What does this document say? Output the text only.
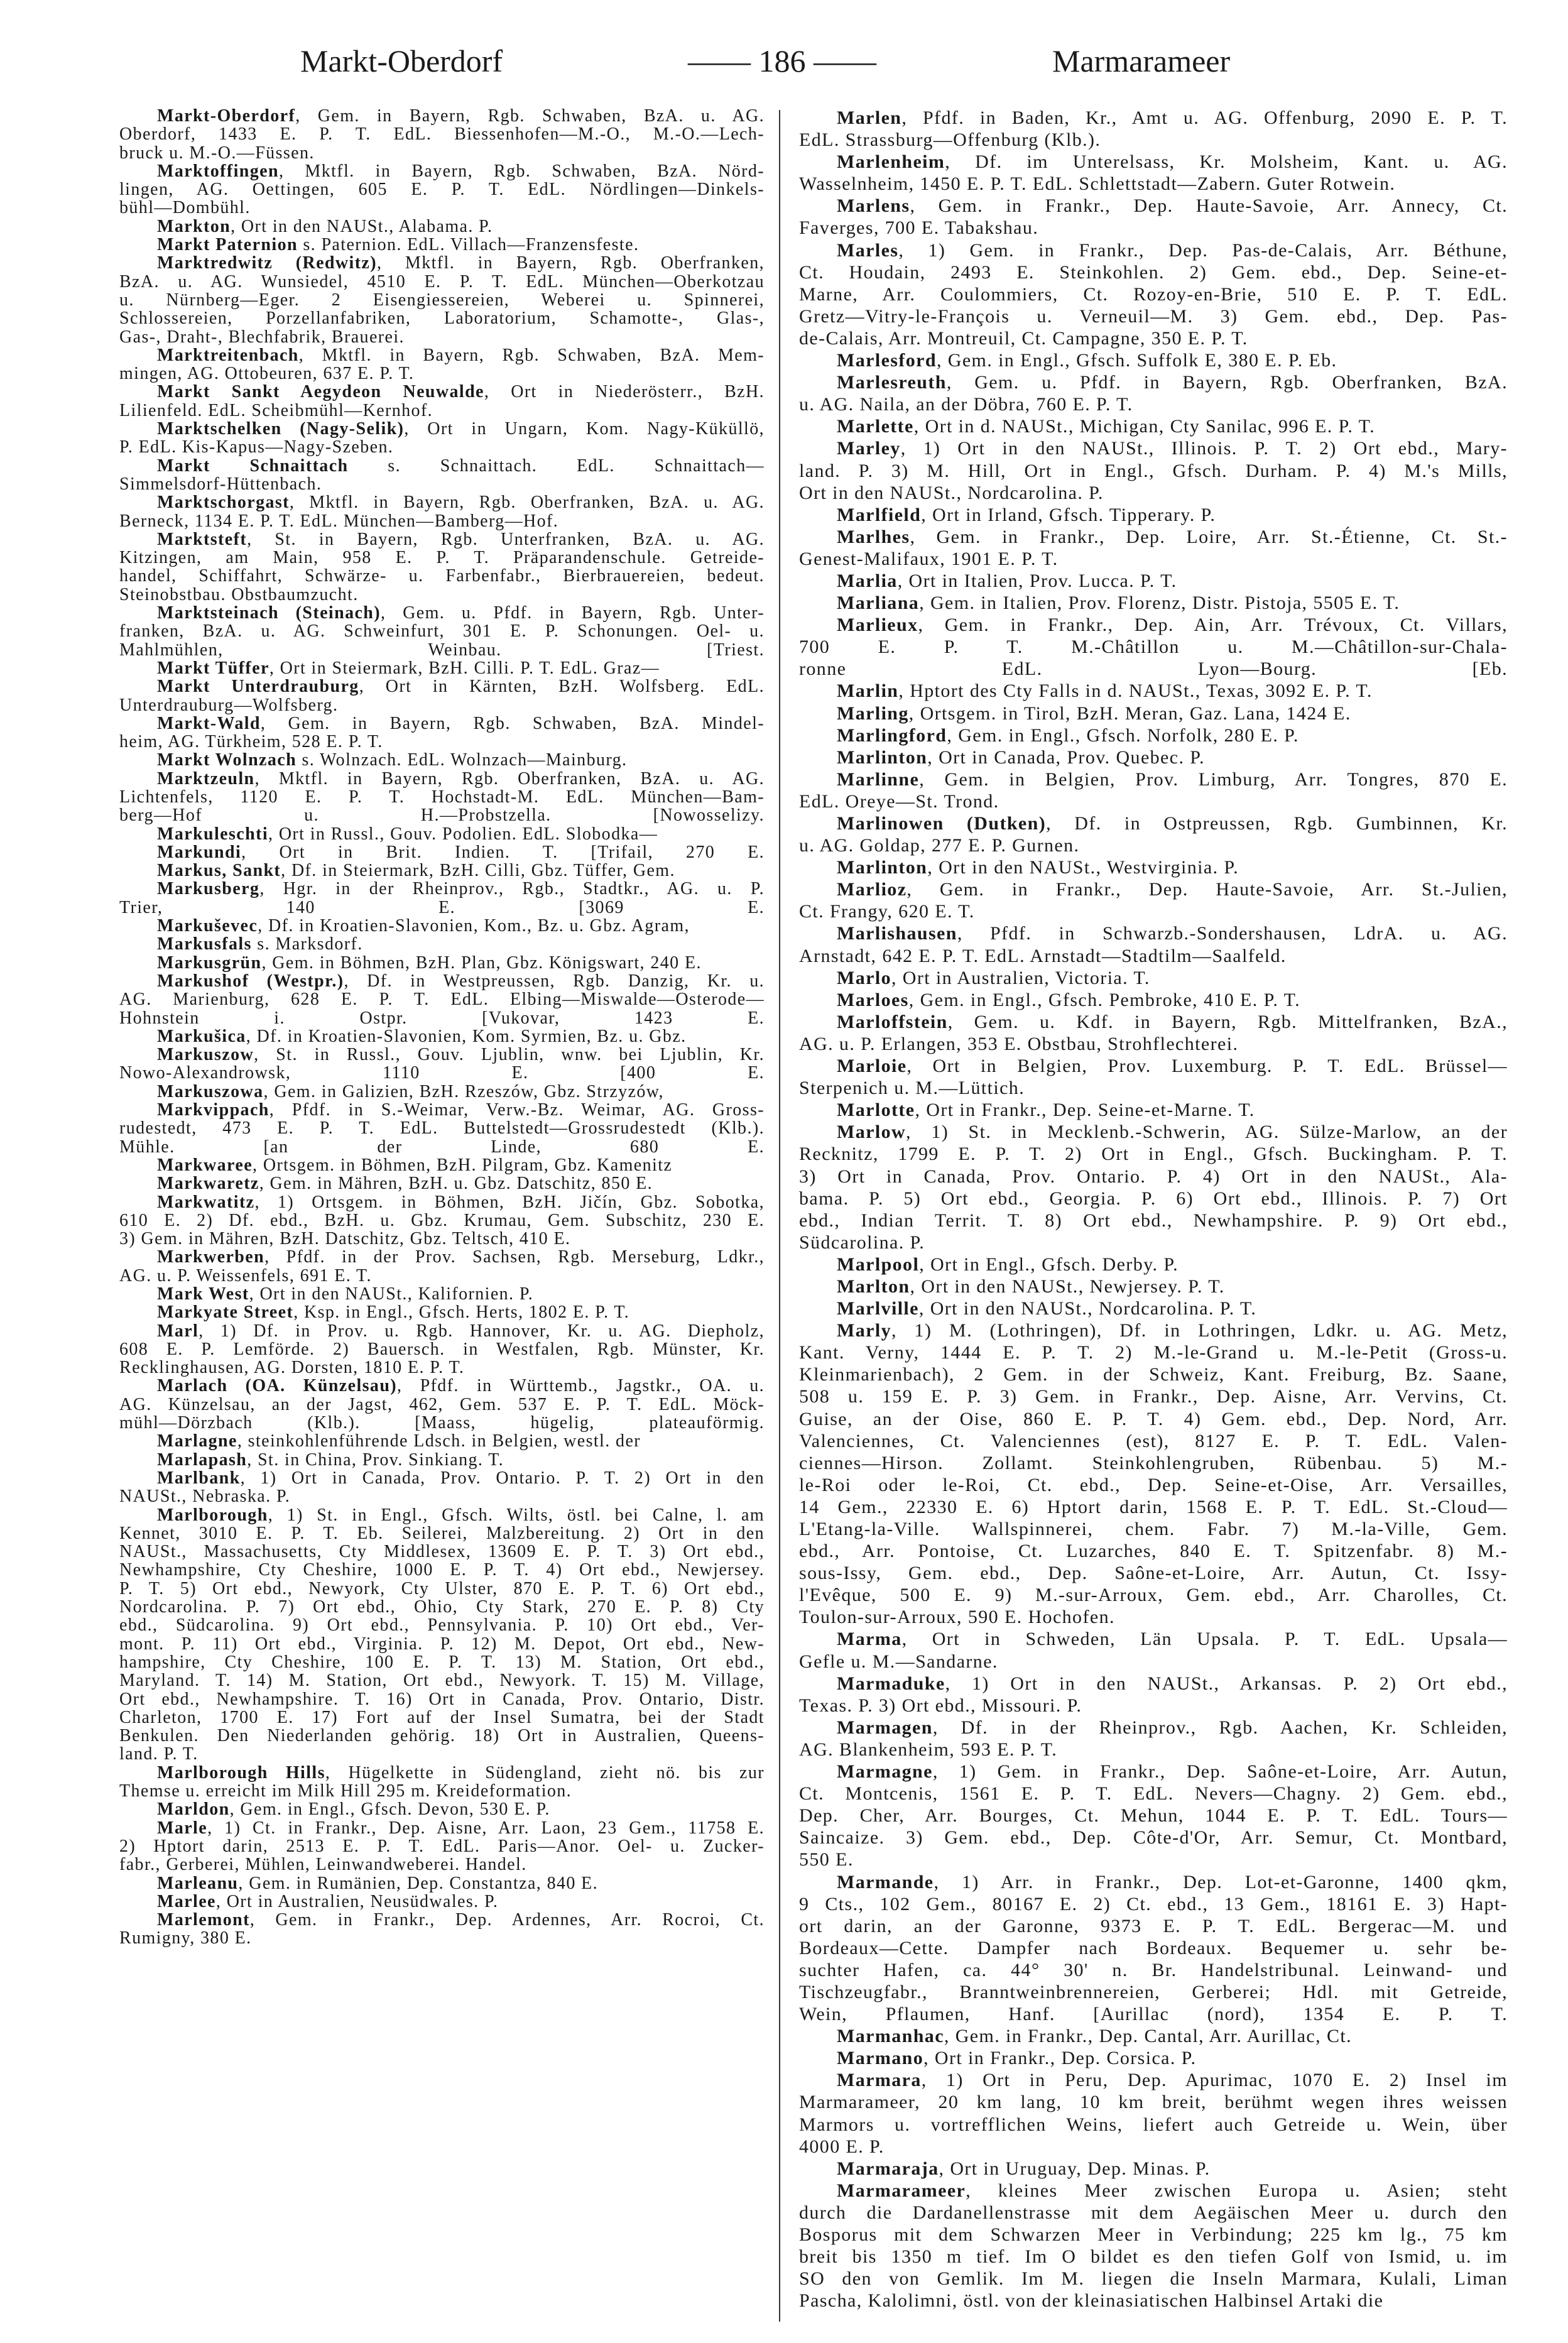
Markt-Oberdorf	—— 186 ——	Marmarameer
Markt-Oberdorf, Gem. in Bayern, Rgb. Schwaben, BzA. u. AG.
Oberdorf, 1433 E. P. T. EdL. Biessenhofen—M.-O., M.-O.—Lech-
bruck u. M.-O.—Füssen.
Marktoffingen, Mktfl. in Bayern, Rgb. Schwaben, BzA. Nörd-
lingen, AG. Oettingen, 605 E. P. T. EdL. Nördlingen—Dinkels-
bühl—Dombühl.
Markton, Ort in den NAUSt., Alabama. P.
Markt Paternion s. Paternion. EdL. Villach—Franzensfeste.
Marktredwitz (Redwitz), Mktfl. in Bayern, Rgb. Oberfranken,
BzA. u. AG. Wunsiedel, 4510 E. P. T. EdL. München—Oberkotzau
u. Nürnberg—Eger. 2 Eisengiessereien, Weberei u. Spinnerei,
Schlossereien, Porzellanfabriken, Laboratorium, Schamotte-, Glas-,
Gas-, Draht-, Blechfabrik, Brauerei.
Marktreitenbach, Mktfl. in Bayern, Rgb. Schwaben, BzA. Mem-
mingen, AG. Ottobeuren, 637 E. P. T.
Markt Sankt Aegydeon Neuwalde, Ort in Niederösterr., BzH.
Lilienfeld. EdL. Scheibmühl—Kernhof.
Marktschelken (Nagy-Selik), Ort in Ungarn, Kom. Nagy-Küküllö,
P. EdL. Kis-Kapus—Nagy-Szeben.
Markt Schnaittach s. Schnaittach. EdL. Schnaittach—
Simmelsdorf-Hüttenbach.
Marktschorgast, Mktfl. in Bayern, Rgb. Oberfranken, BzA. u. AG.
Berneck, 1134 E. P. T. EdL. München—Bamberg—Hof.
Marktsteft, St. in Bayern, Rgb. Unterfranken, BzA. u. AG.
Kitzingen, am Main, 958 E. P. T. Präparandenschule. Getreide-
handel, Schiffahrt, Schwärze- u. Farbenfabr., Bierbrauereien, bedeut.
Steinobstbau. Obstbaumzucht.
Marktsteinach (Steinach), Gem. u. Pfdf. in Bayern, Rgb. Unter-
franken, BzA. u. AG. Schweinfurt, 301 E. P. Schonungen. Oel- u.
Mahlmühlen, Weinbau. [Triest.
Markt Tüffer, Ort in Steiermark, BzH. Cilli. P. T. EdL. Graz—
Markt Unterdrauburg, Ort in Kärnten, BzH. Wolfsberg. EdL.
Unterdrauburg—Wolfsberg.
Markt-Wald, Gem. in Bayern, Rgb. Schwaben, BzA. Mindel-
heim, AG. Türkheim, 528 E. P. T.
Markt Wolnzach s. Wolnzach. EdL. Wolnzach—Mainburg.
Marktzeuln, Mktfl. in Bayern, Rgb. Oberfranken, BzA. u. AG.
Lichtenfels, 1120 E. P. T. Hochstadt-M. EdL. München—Bam-
berg—Hof u. H.—Probstzella. [Nowosselizy.
Markuleschti, Ort in Russl., Gouv. Podolien. EdL. Slobodka—
Markundi, Ort in Brit. Indien. T. [Trifail, 270 E.
Markus, Sankt, Df. in Steiermark, BzH. Cilli, Gbz. Tüffer, Gem.
Markusberg, Hgr. in der Rheinprov., Rgb., Stadtkr., AG. u. P.
Trier, 140 E. [3069 E.
Markuševec, Df. in Kroatien-Slavonien, Kom., Bz. u. Gbz. Agram,
Markusfals s. Marksdorf.
Markusgrün, Gem. in Böhmen, BzH. Plan, Gbz. Königswart, 240 E.
Markushof (Westpr.), Df. in Westpreussen, Rgb. Danzig, Kr. u.
AG. Marienburg, 628 E. P. T. EdL. Elbing—Miswalde—Osterode—
Hohnstein i. Ostpr. [Vukovar, 1423 E.
Markušica, Df. in Kroatien-Slavonien, Kom. Syrmien, Bz. u. Gbz.
Markuszow, St. in Russl., Gouv. Ljublin, wnw. bei Ljublin, Kr.
Nowo-Alexandrowsk, 1110 E. [400 E.
Markuszowa, Gem. in Galizien, BzH. Rzeszów, Gbz. Strzyzów,
Markvippach, Pfdf. in S.-Weimar, Verw.-Bz. Weimar, AG. Gross-
rudestedt, 473 E. P. T. EdL. Buttelstedt—Grossrudestedt (Klb.).
Mühle. [an der Linde, 680 E.
Markwaree, Ortsgem. in Böhmen, BzH. Pilgram, Gbz. Kamenitz
Markwaretz, Gem. in Mähren, BzH. u. Gbz. Datschitz, 850 E.
Markwatitz, 1) Ortsgem. in Böhmen, BzH. Jičín, Gbz. Sobotka,
610 E. 2) Df. ebd., BzH. u. Gbz. Krumau, Gem. Subschitz, 230 E.
3) Gem. in Mähren, BzH. Datschitz, Gbz. Teltsch, 410 E.
Markwerben, Pfdf. in der Prov. Sachsen, Rgb. Merseburg, Ldkr.,
AG. u. P. Weissenfels, 691 E. T.
Mark West, Ort in den NAUSt., Kalifornien. P.
Markyate Street, Ksp. in Engl., Gfsch. Herts, 1802 E. P. T.
Marl, 1) Df. in Prov. u. Rgb. Hannover, Kr. u. AG. Diepholz,
608 E. P. Lemförde. 2) Bauersch. in Westfalen, Rgb. Münster, Kr.
Recklinghausen, AG. Dorsten, 1810 E. P. T.
Marlach (OA. Künzelsau), Pfdf. in Württemb., Jagstkr., OA. u.
AG. Künzelsau, an der Jagst, 462, Gem. 537 E. P. T. EdL. Möck-
mühl—Dörzbach (Klb.). [Maass, hügelig, plateauförmig.
Marlagne, steinkohlenführende Ldsch. in Belgien, westl. der
Marlapash, St. in China, Prov. Sinkiang. T.
Marlbank, 1) Ort in Canada, Prov. Ontario. P. T. 2) Ort in den
NAUSt., Nebraska. P.
Marlborough, 1) St. in Engl., Gfsch. Wilts, östl. bei Calne, l. am
Kennet, 3010 E. P. T. Eb. Seilerei, Malzbereitung. 2) Ort in den
NAUSt., Massachusetts, Cty Middlesex, 13609 E. P. T. 3) Ort ebd.,
Newhampshire, Cty Cheshire, 1000 E. P. T. 4) Ort ebd., Newjersey.
P. T. 5) Ort ebd., Newyork, Cty Ulster, 870 E. P. T. 6) Ort ebd.,
Nordcarolina. P. 7) Ort ebd., Ohio, Cty Stark, 270 E. P. 8) Cty
ebd., Südcarolina. 9) Ort ebd., Pennsylvania. P. 10) Ort ebd., Ver-
mont. P. 11) Ort ebd., Virginia. P. 12) M. Depot, Ort ebd., New-
hampshire, Cty Cheshire, 100 E. P. T. 13) M. Station, Ort ebd.,
Maryland. T. 14) M. Station, Ort ebd., Newyork. T. 15) M. Village,
Ort ebd., Newhampshire. T. 16) Ort in Canada, Prov. Ontario, Distr.
Charleton, 1700 E. 17) Fort auf der Insel Sumatra, bei der Stadt
Benkulen. Den Niederlanden gehörig. 18) Ort in Australien, Queens-
land. P. T.
Marlborough Hills, Hügelkette in Südengland, zieht nö. bis zur
Themse u. erreicht im Milk Hill 295 m. Kreideformation.
Marldon, Gem. in Engl., Gfsch. Devon, 530 E. P.
Marle, 1) Ct. in Frankr., Dep. Aisne, Arr. Laon, 23 Gem., 11758 E.
2) Hptort darin, 2513 E. P. T. EdL. Paris—Anor. Oel- u. Zucker-
fabr., Gerberei, Mühlen, Leinwandweberei. Handel.
Marleanu, Gem. in Rumänien, Dep. Constantza, 840 E.
Marlee, Ort in Australien, Neusüdwales. P.
Marlemont, Gem. in Frankr., Dep. Ardennes, Arr. Rocroi, Ct.
Rumigny, 380 E.
Marlen, Pfdf. in Baden, Kr., Amt u. AG. Offenburg, 2090 E. P. T.
EdL. Strassburg—Offenburg (Klb.).
Marlenheim, Df. im Unterelsass, Kr. Molsheim, Kant. u. AG.
Wasselnheim, 1450 E. P. T. EdL. Schlettstadt—Zabern. Guter Rotwein.
Marlens, Gem. in Frankr., Dep. Haute-Savoie, Arr. Annecy, Ct.
Faverges, 700 E. Tabakshau.
Marles, 1) Gem. in Frankr., Dep. Pas-de-Calais, Arr. Béthune,
Ct. Houdain, 2493 E. Steinkohlen. 2) Gem. ebd., Dep. Seine-et-
Marne, Arr. Coulommiers, Ct. Rozoy-en-Brie, 510 E. P. T. EdL.
Gretz—Vitry-le-François u. Verneuil—M. 3) Gem. ebd., Dep. Pas-
de-Calais, Arr. Montreuil, Ct. Campagne, 350 E. P. T.
Marlesford, Gem. in Engl., Gfsch. Suffolk E, 380 E. P. Eb.
Marlesreuth, Gem. u. Pfdf. in Bayern, Rgb. Oberfranken, BzA.
u. AG. Naila, an der Döbra, 760 E. P. T.
Marlette, Ort in d. NAUSt., Michigan, Cty Sanilac, 996 E. P. T.
Marley, 1) Ort in den NAUSt., Illinois. P. T. 2) Ort ebd., Mary-
land. P. 3) M. Hill, Ort in Engl., Gfsch. Durham. P. 4) M.'s Mills,
Ort in den NAUSt., Nordcarolina. P.
Marlfield, Ort in Irland, Gfsch. Tipperary. P.
Marlhes, Gem. in Frankr., Dep. Loire, Arr. St.-Étienne, Ct. St.-
Genest-Malifaux, 1901 E. P. T.
Marlia, Ort in Italien, Prov. Lucca. P. T.
Marliana, Gem. in Italien, Prov. Florenz, Distr. Pistoja, 5505 E. T.
Marlieux, Gem. in Frankr., Dep. Ain, Arr. Trévoux, Ct. Villars,
700 E. P. T. M.-Châtillon u. M.—Châtillon-sur-Chala-
ronne EdL. Lyon—Bourg. [Eb.
Marlin, Hptort des Cty Falls in d. NAUSt., Texas, 3092 E. P. T.
Marling, Ortsgem. in Tirol, BzH. Meran, Gaz. Lana, 1424 E.
Marlingford, Gem. in Engl., Gfsch. Norfolk, 280 E. P.
Marlinton, Ort in Canada, Prov. Quebec. P.
Marlinne, Gem. in Belgien, Prov. Limburg, Arr. Tongres, 870 E.
EdL. Oreye—St. Trond.
Marlinowen (Dutken), Df. in Ostpreussen, Rgb. Gumbinnen, Kr.
u. AG. Goldap, 277 E. P. Gurnen.
Marlinton, Ort in den NAUSt., Westvirginia. P.
Marlioz, Gem. in Frankr., Dep. Haute-Savoie, Arr. St.-Julien,
Ct. Frangy, 620 E. T.
Marlishausen, Pfdf. in Schwarzb.-Sondershausen, LdrA. u. AG.
Arnstadt, 642 E. P. T. EdL. Arnstadt—Stadtilm—Saalfeld.
Marlo, Ort in Australien, Victoria. T.
Marloes, Gem. in Engl., Gfsch. Pembroke, 410 E. P. T.
Marloffstein, Gem. u. Kdf. in Bayern, Rgb. Mittelfranken, BzA.,
AG. u. P. Erlangen, 353 E. Obstbau, Strohflechterei.
Marloie, Ort in Belgien, Prov. Luxemburg. P. T. EdL. Brüssel—
Sterpenich u. M.—Lüttich.
Marlotte, Ort in Frankr., Dep. Seine-et-Marne. T.
Marlow, 1) St. in Mecklenb.-Schwerin, AG. Sülze-Marlow, an der
Recknitz, 1799 E. P. T. 2) Ort in Engl., Gfsch. Buckingham. P. T.
3) Ort in Canada, Prov. Ontario. P. 4) Ort in den NAUSt., Ala-
bama. P. 5) Ort ebd., Georgia. P. 6) Ort ebd., Illinois. P. 7) Ort
ebd., Indian Territ. T. 8) Ort ebd., Newhampshire. P. 9) Ort ebd.,
Südcarolina. P.
Marlpool, Ort in Engl., Gfsch. Derby. P.
Marlton, Ort in den NAUSt., Newjersey. P. T.
Marlville, Ort in den NAUSt., Nordcarolina. P. T.
Marly, 1) M. (Lothringen), Df. in Lothringen, Ldkr. u. AG. Metz,
Kant. Verny, 1444 E. P. T. 2) M.-le-Grand u. M.-le-Petit (Gross-u.
Kleinmarienbach), 2 Gem. in der Schweiz, Kant. Freiburg, Bz. Saane,
508 u. 159 E. P. 3) Gem. in Frankr., Dep. Aisne, Arr. Vervins, Ct.
Guise, an der Oise, 860 E. P. T. 4) Gem. ebd., Dep. Nord, Arr.
Valenciennes, Ct. Valenciennes (est), 8127 E. P. T. EdL. Valen-
ciennes—Hirson. Zollamt. Steinkohlengruben, Rübenbau. 5) M.-
le-Roi oder le-Roi, Ct. ebd., Dep. Seine-et-Oise, Arr. Versailles,
14 Gem., 22330 E. 6) Hptort darin, 1568 E. P. T. EdL. St.-Cloud—
L'Etang-la-Ville. Wallspinnerei, chem. Fabr. 7) M.-la-Ville, Gem.
ebd., Arr. Pontoise, Ct. Luzarches, 840 E. T. Spitzenfabr. 8) M.-
sous-Issy, Gem. ebd., Dep. Saône-et-Loire, Arr. Autun, Ct. Issy-
l'Evêque, 500 E. 9) M.-sur-Arroux, Gem. ebd., Arr. Charolles, Ct.
Toulon-sur-Arroux, 590 E. Hochofen.
Marma, Ort in Schweden, Län Upsala. P. T. EdL. Upsala—
Gefle u. M.—Sandarne.
Marmaduke, 1) Ort in den NAUSt., Arkansas. P. 2) Ort ebd.,
Texas. P. 3) Ort ebd., Missouri. P.
Marmagen, Df. in der Rheinprov., Rgb. Aachen, Kr. Schleiden,
AG. Blankenheim, 593 E. P. T.
Marmagne, 1) Gem. in Frankr., Dep. Saône-et-Loire, Arr. Autun,
Ct. Montcenis, 1561 E. P. T. EdL. Nevers—Chagny. 2) Gem. ebd.,
Dep. Cher, Arr. Bourges, Ct. Mehun, 1044 E. P. T. EdL. Tours—
Saincaize. 3) Gem. ebd., Dep. Côte-d'Or, Arr. Semur, Ct. Montbard,
550 E.
Marmande, 1) Arr. in Frankr., Dep. Lot-et-Garonne, 1400 qkm,
9 Cts., 102 Gem., 80167 E. 2) Ct. ebd., 13 Gem., 18161 E. 3) Hapt-
ort darin, an der Garonne, 9373 E. P. T. EdL. Bergerac—M. und
Bordeaux—Cette. Dampfer nach Bordeaux. Bequemer u. sehr be-
suchter Hafen, ca. 44° 30' n. Br. Handelstribunal. Leinwand- und
Tischzeugfabr., Branntweinbrennereien, Gerberei; Hdl. mit Getreide,
Wein, Pflaumen, Hanf. [Aurillac (nord), 1354 E. P. T.
Marmanhac, Gem. in Frankr., Dep. Cantal, Arr. Aurillac, Ct.
Marmano, Ort in Frankr., Dep. Corsica. P.
Marmara, 1) Ort in Peru, Dep. Apurimac, 1070 E. 2) Insel im
Marmarameer, 20 km lang, 10 km breit, berühmt wegen ihres weissen
Marmors u. vortrefflichen Weins, liefert auch Getreide u. Wein, über
4000 E. P.
Marmaraja, Ort in Uruguay, Dep. Minas. P.
Marmarameer, kleines Meer zwischen Europa u. Asien; steht
durch die Dardanellenstrasse mit dem Aegäischen Meer u. durch den
Bosporus mit dem Schwarzen Meer in Verbindung; 225 km lg., 75 km
breit bis 1350 m tief. Im O bildet es den tiefen Golf von Ismid, u. im
SO den von Gemlik. Im M. liegen die Inseln Marmara, Kulali, Liman
Pascha, Kalolimni, östl. von der kleinasiatischen Halbinsel Artaki die
